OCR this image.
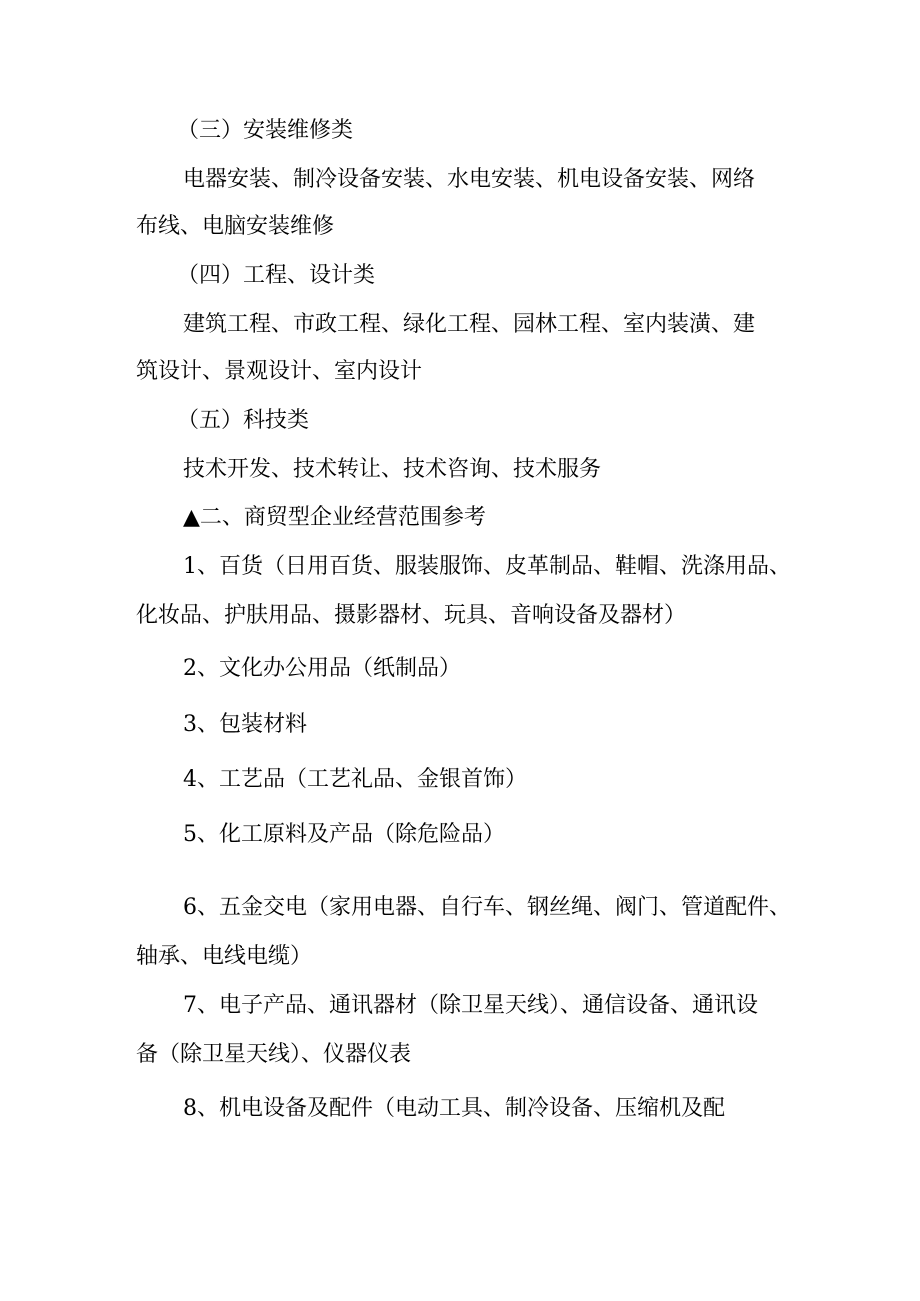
（三）安装维修类
电器安装、制冷设备安装、水电安装、机电设备安装、网络
布线、电脑安装维修
（四）工程、设计类
建筑工程、市政工程、绿化工程、园林工程、室内装潢、建
筑设计、景观设计、室内设计
（五）科技类
技术开发、技术转让、技术咨询、技术服务
▲二、商贸型企业经营范围参考
1、百货（日用百货、服装服饰、皮革制品、鞋帽、洗涤用品、
化妆品、护肤用品、摄影器材、玩具、音响设备及器材）
2、文化办公用品（纸制品）
3、包装材料
4、工艺品（工艺礼品、金银首饰）
5、化工原料及产品（除危险品）
6、五金交电（家用电器、自行车、钢丝绳、阀门、管道配件、
轴承、电线电缆）
7、电子产品、通讯器材（除卫星天线）、通信设备、通讯设
备（除卫星天线）、仪器仪表
8、机电设备及配件（电动工具、制冷设备、压缩机及配
